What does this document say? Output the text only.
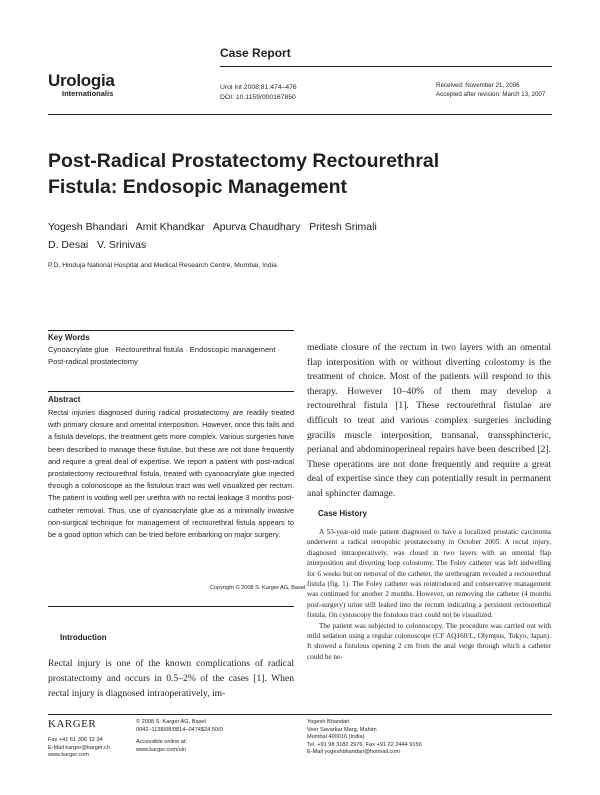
Case Report
Urologia
Internationalis
Urol Int 2008;81:474–476
DOI: 10.1159/000167850
Received: November 21, 2006
Accepted after revision: March 13, 2007
Post-Radical Prostatectomy Rectourethral
Fistula: Endosopic Management
Yogesh Bhandari   Amit Khandkar   Apurva Chaudhary   Pritesh Srimali
D. Desai   V. Srinivas
P.D. Hinduja National Hospital and Medical Research Centre, Mumbai, India
Key Words
Cynoacrylate glue · Rectourethral fistula · Endoscopic management · Post-radical prostatectomy
Abstract
Rectal injuries diagnosed during radical prostatectomy are readily treated with primary closure and omental interposition. However, once this fails and a fistula develops, the treatment gets more complex. Various surgeries have been described to manage these fistulae, but these are not done frequently and require a great deal of expertise. We report a patient with post-radical prostatectomy rectourethral fistula, treated with cyanoacrylate glue injected through a colonoscope as the fistulous tract was well visualized per rectum. The patient is voiding well per urethra with no rectal leakage 3 months post-catheter removal. Thus, use of cyanoacrylate glue as a minimally invasive non-surgical technique for management of rectourethral fistula appears to be a good option which can be tried before embarking on major surgery.
Copyright © 2008 S. Karger AG, Basel
Introduction
Rectal injury is one of the known complications of radical prostatectomy and occurs in 0.5–2% of the cases [1]. When rectal injury is diagnosed intraoperatively, im-
mediate closure of the rectum in two layers with an omental flap interposition with or without diverting colostomy is the treatment of choice. Most of the patients will respond to this therapy. However 10–40% of them may develop a rectourethral fistula [1]. These rectourethral fistulae are difficult to treat and various complex surgeries including gracilis muscle interposition, transanal, transsphincteric, perianal and abdominoperineal repairs have been described [2]. These operations are not done frequently and require a great deal of expertise since they can potentially result in permanent anal sphincter damage.
Case History

A 53-year-old male patient diagnosed to have a localized prostatic carcinoma underwent a radical retropubic prostatectomy in October 2005. A rectal injury, diagnosed intraoperatively, was closed in two layers with an omental flap interposition and diverting loop colostomy. The Foley catheter was left indwelling for 6 weeks but on removal of the catheter, the urethrogram revealed a rectourethral fistula (fig. 1). The Foley catheter was reintroduced and conservative management was continued for another 2 months. However, on removing the catheter (4 months post-surgery) urine still leaked into the rectum indicating a persistent rectourethral fistula. On cystoscopy the fistulous tract could not be visualized.

The patient was subjected to colonoscopy. The procedure was carried out with mild sedation using a regular colonoscope (CF AQ160/L, Olympus, Tokyo, Japan). It showed a fistulous opening 2 cm from the anal verge through which a catheter could be ne-

KARGER
Fax +41 61 306 12 34
E-Mail karger@karger.ch
www.karger.com
© 2008 S. Karger AG, Basel
0042–1138/08/0814–0474$24.50/0
Accessible online at:
www.karger.com/uin
Yogesh Bhandari
Veer Savarkar Marg, Mahim
Mumbai 400016 (India)
Tel. +91 98 3182 2976, Fax +91 22 2444 9156
E-Mail yogeshbhandari@hotmail.com
